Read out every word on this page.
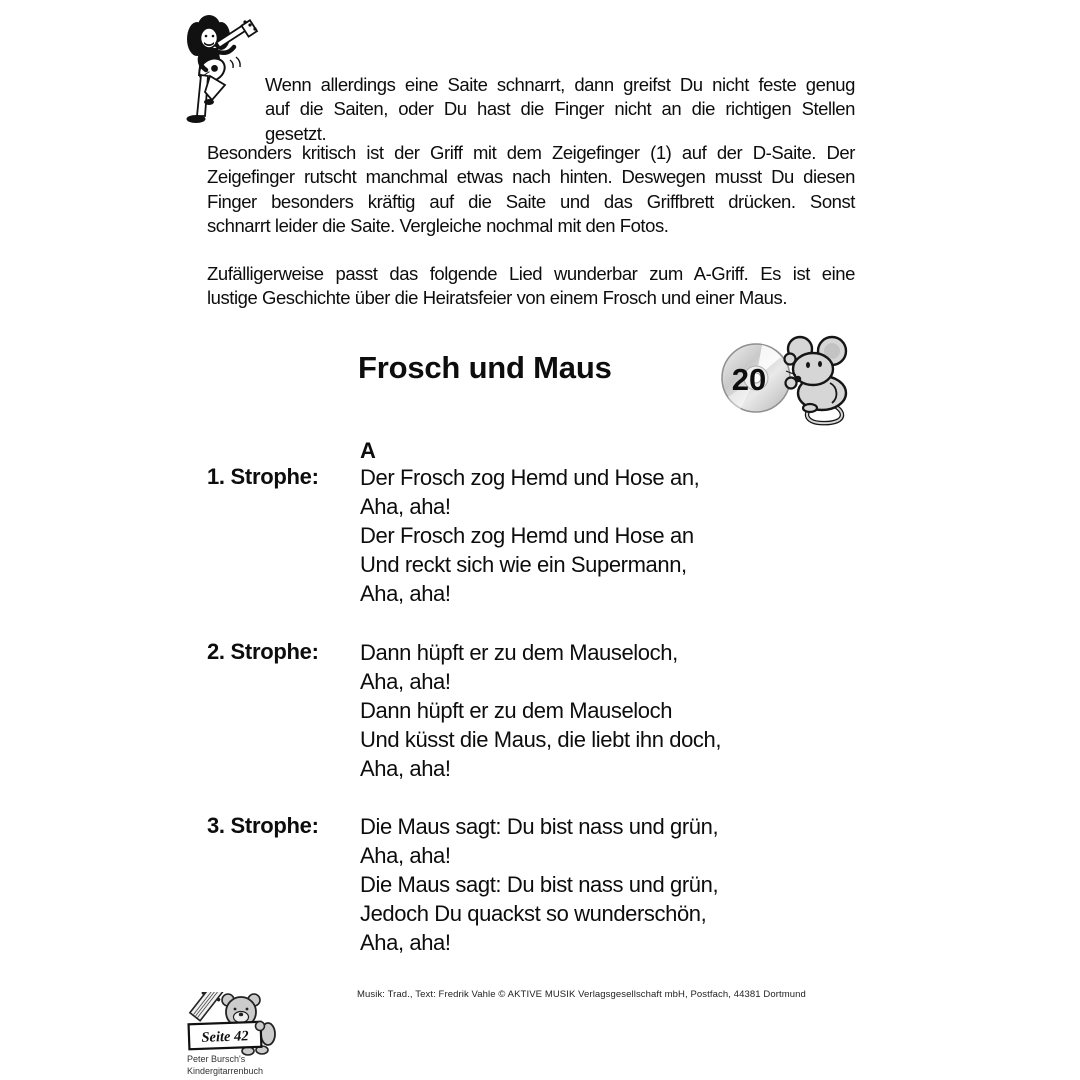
Wenn allerdings eine Saite schnarrt, dann greifst Du nicht feste genug
auf die Saiten, oder Du hast die Finger nicht an die richtigen Stellen
gesetzt.
Besonders kritisch ist der Griff mit dem Zeigefinger (1) auf der D-Saite. Der
Zeigefinger rutscht manchmal etwas nach hinten. Deswegen musst Du diesen
Finger besonders kräftig auf die Saite und das Griffbrett drücken. Sonst
schnarrt leider die Saite. Vergleiche nochmal mit den Fotos.
Zufälligerweise passt das folgende Lied wunderbar zum A-Griff. Es ist eine
lustige Geschichte über die Heiratsfeier von einem Frosch und einer Maus.
Frosch und Maus	20
A
1. Strophe: Der Frosch zog Hemd und Hose an,
Aha, aha!
Der Frosch zog Hemd und Hose an
Und reckt sich wie ein Supermann,
Aha, aha!
2. Strophe: Dann hüpft er zu dem Mauseloch,
Aha, aha!
Dann hüpft er zu dem Mauseloch
Und küsst die Maus, die liebt ihn doch,
Aha, aha!
3. Strophe: Die Maus sagt: Du bist nass und grün,
Aha, aha!
Die Maus sagt: Du bist nass und grün,
Jedoch Du quackst so wunderschön,
Aha, aha!
Musik: Trad., Text: Fredrik Vahle © AKTIVE MUSIK Verlagsgesellschaft mbH, Postfach, 44381 Dortmund
Seite 42
Peter Bursch's
Kindergitarrenbuch
